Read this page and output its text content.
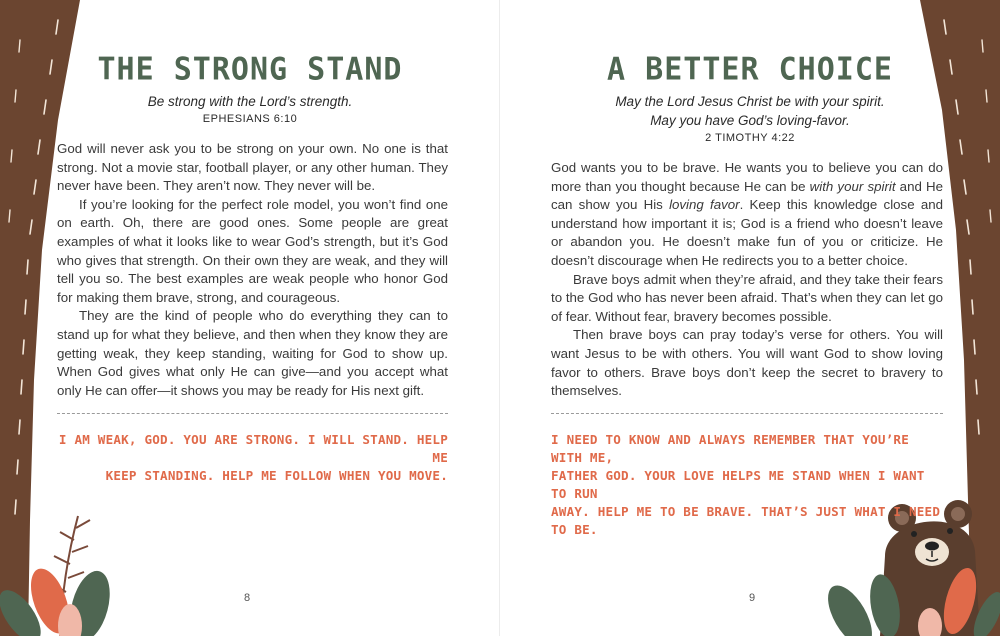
THE STRONG STAND
Be strong with the Lord’s strength.
EPHESIANS 6:10

God will never ask you to be strong on your own. No one is that strong. Not a movie star, football player, or any other human. They never have been. They aren’t now. They never will be.

If you’re looking for the perfect role model, you won’t find one on earth. Oh, there are good ones. Some people are great examples of what it looks like to wear God’s strength, but it’s God who gives that strength. On their own they are weak, and they will tell you so. The best examples are weak people who honor God for making them brave, strong, and courageous.

They are the kind of people who do everything they can to stand up for what they believe, and then when they know they are getting weak, they keep standing, waiting for God to show up. When God gives what only He can give—and you accept what only He can offer—it shows you may be ready for His next gift.

I AM WEAK, GOD. YOU ARE STRONG. I WILL STAND. HELP ME
KEEP STANDING. HELP ME FOLLOW WHEN YOU MOVE.
8
A BETTER CHOICE
May the Lord Jesus Christ be with your spirit.
May you have God’s loving-favor.
2 TIMOTHY 4:22

God wants you to be brave. He wants you to believe you can do more than you thought because He can be with your spirit and He can show you His loving favor. Keep this knowledge close and understand how important it is; God is a friend who doesn’t leave or abandon you. He doesn’t make fun of you or criticize. He doesn’t discourage when He redirects you to a better choice.

Brave boys admit when they’re afraid, and they take their fears to the God who has never been afraid. That’s when they can let go of fear. Without fear, bravery becomes possible.

Then brave boys can pray today’s verse for others. You will want Jesus to be with others. You will want God to show loving favor to others. Brave boys don’t keep the secret to bravery to themselves.

I NEED TO KNOW AND ALWAYS REMEMBER THAT YOU’RE WITH ME,
FATHER GOD. YOUR LOVE HELPS ME STAND WHEN I WANT TO RUN
AWAY. HELP ME TO BE BRAVE. THAT’S JUST WHAT I NEED TO BE.
9
